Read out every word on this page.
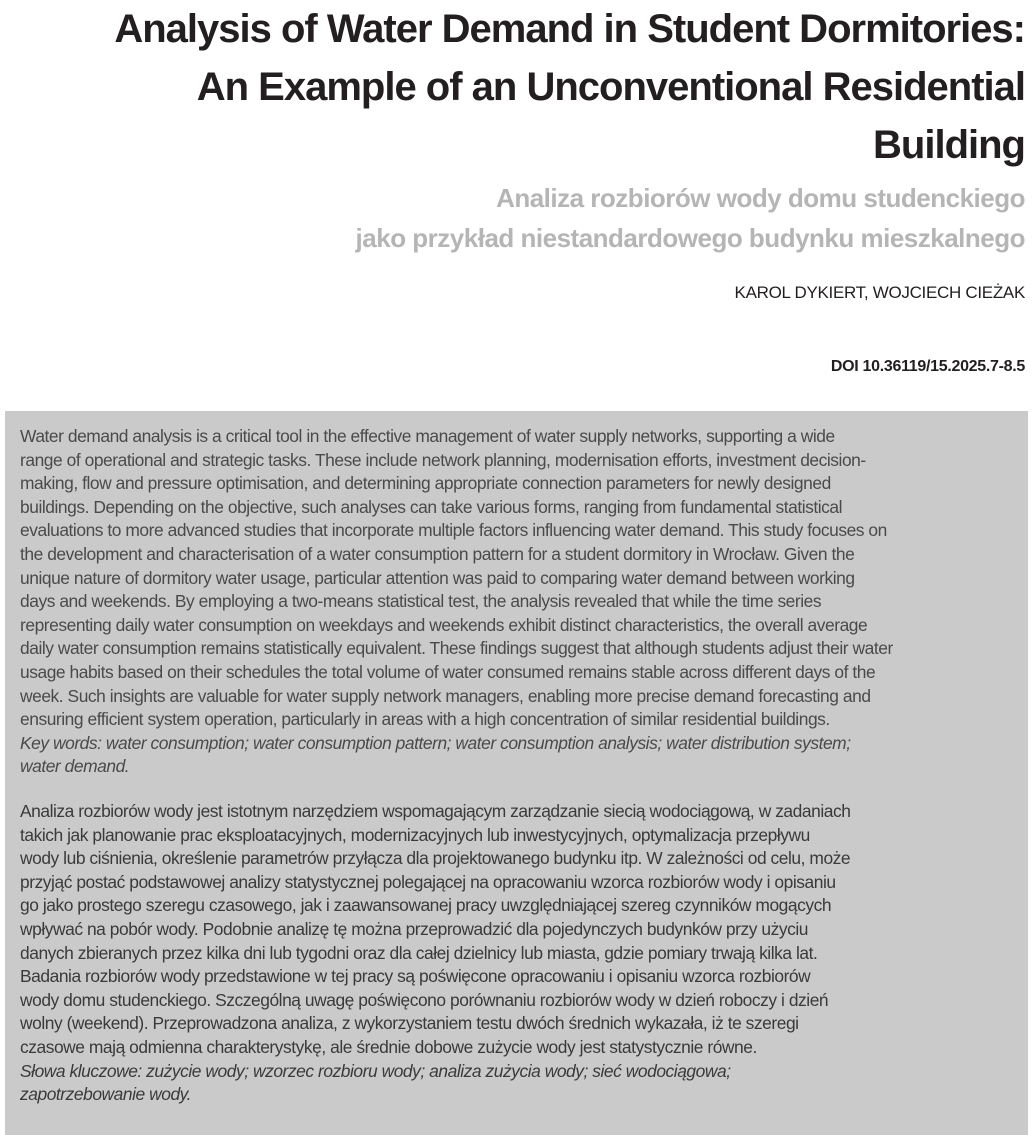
Analysis of Water Demand in Student Dormitories:
An Example of an Unconventional Residential
Building
Analiza rozbiorów wody domu studenckiego
jako przykład niestandardowego budynku mieszkalnego
KAROL DYKIERT, WOJCIECH CIEŻAK
DOI 10.36119/15.2025.7-8.5
Water demand analysis is a critical tool in the effective management of water supply networks, supporting a wide
range of operational and strategic tasks. These include network planning, modernisation efforts, investment decision-
making, flow and pressure optimisation, and determining appropriate connection parameters for newly designed
buildings. Depending on the objective, such analyses can take various forms, ranging from fundamental statistical
evaluations to more advanced studies that incorporate multiple factors influencing water demand. This study focuses on
the development and characterisation of a water consumption pattern for a student dormitory in Wrocław. Given the
unique nature of dormitory water usage, particular attention was paid to comparing water demand between working
days and weekends. By employing a two-means statistical test, the analysis revealed that while the time series
representing daily water consumption on weekdays and weekends exhibit distinct characteristics, the overall average
daily water consumption remains statistically equivalent. These findings suggest that although students adjust their water
usage habits based on their schedules the total volume of water consumed remains stable across different days of the
week. Such insights are valuable for water supply network managers, enabling more precise demand forecasting and
ensuring efficient system operation, particularly in areas with a high concentration of similar residential buildings.
Key words: water consumption; water consumption pattern; water consumption analysis; water distribution system;
water demand.
Analiza rozbiorów wody jest istotnym narzędziem wspomagającym zarządzanie siecią wodociągową, w zadaniach
takich jak planowanie prac eksploatacyjnych, modernizacyjnych lub inwestycyjnych, optymalizacja przepływu
wody lub ciśnienia, określenie parametrów przyłącza dla projektowanego budynku itp. W zależności od celu, może
przyjąć postać podstawowej analizy statystycznej polegającej na opracowaniu wzorca rozbiorów wody i opisaniu
go jako prostego szeregu czasowego, jak i zaawansowanej pracy uwzględniającej szereg czynników mogących
wpływać na pobór wody. Podobnie analizę tę można przeprowadzić dla pojedynczych budynków przy użyciu
danych zbieranych przez kilka dni lub tygodni oraz dla całej dzielnicy lub miasta, gdzie pomiary trwają kilka lat.
Badania rozbiorów wody przedstawione w tej pracy są poświęcone opracowaniu i opisaniu wzorca rozbiorów
wody domu studenckiego. Szczególną uwagę poświęcono porównaniu rozbiorów wody w dzień roboczy i dzień
wolny (weekend). Przeprowadzona analiza, z wykorzystaniem testu dwóch średnich wykazała, iż te szeregi
czasowe mają odmienna charakterystykę, ale średnie dobowe zużycie wody jest statystycznie równe.
Słowa kluczowe: zużycie wody; wzorzec rozbioru wody; analiza zużycia wody; sieć wodociągowa;
zapotrzebowanie wody.
